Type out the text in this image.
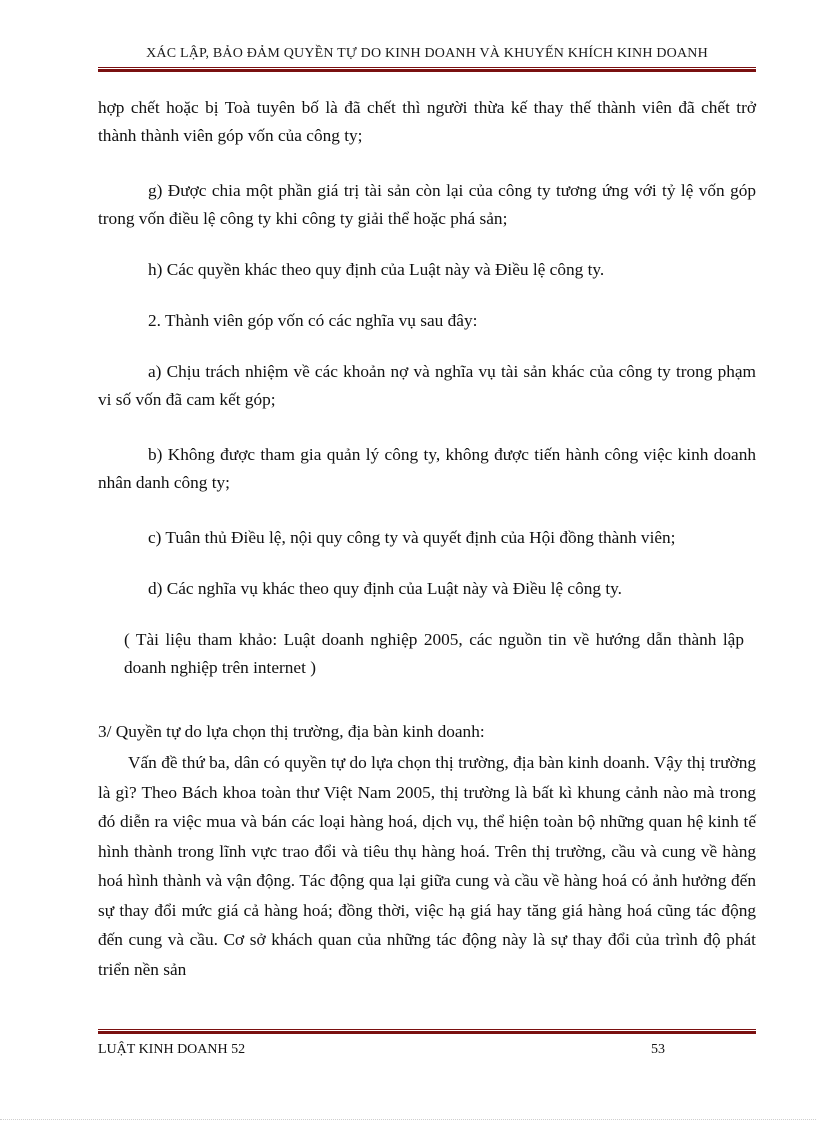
XÁC LẬP, BẢO ĐẢM QUYỀN TỰ DO KINH DOANH VÀ KHUYẾN KHÍCH KINH DOANH

hợp chết hoặc bị Toà tuyên bố là đã chết thì người thừa kế thay thế thành viên đã chết trở thành thành viên góp vốn của công ty;

g) Được chia một phần giá trị tài sản còn lại của công ty tương ứng với tỷ lệ vốn góp trong vốn điều lệ công ty khi công ty giải thể hoặc phá sản;

h) Các quyền khác theo quy định của Luật này và Điều lệ công ty.

2. Thành viên góp vốn có các nghĩa vụ sau đây:

a) Chịu trách nhiệm về các khoản nợ và nghĩa vụ tài sản khác của công ty trong phạm vi số vốn đã cam kết góp;

b) Không được tham gia quản lý công ty, không được tiến hành công việc kinh doanh nhân danh công ty;

c) Tuân thủ Điều lệ, nội quy công ty và quyết định của Hội đồng thành viên;

d) Các nghĩa vụ khác theo quy định của Luật này và Điều lệ công ty.

( Tài liệu tham khảo: Luật doanh nghiệp 2005, các nguồn tin về hướng dẫn thành lập doanh nghiệp trên internet )

3/ Quyền tự do lựa chọn thị trường, địa bàn kinh doanh:

Vấn đề thứ ba, dân có quyền tự do lựa chọn thị trường, địa bàn kinh doanh. Vậy thị trường là gì? Theo Bách khoa toàn thư Việt Nam 2005, thị trường là bất kì khung cảnh nào mà trong đó diễn ra việc mua và bán các loại hàng hoá, dịch vụ, thể hiện toàn bộ những quan hệ kinh tế hình thành trong lĩnh vực trao đổi và tiêu thụ hàng hoá. Trên thị trường, cầu và cung về hàng hoá hình thành và vận động. Tác động qua lại giữa cung và cầu về hàng hoá có ảnh hưởng đến sự thay đổi mức giá cả hàng hoá; đồng thời, việc hạ giá hay tăng giá hàng hoá cũng tác động đến cung và cầu. Cơ sở khách quan của những tác động này là sự thay đổi của trình độ phát triển nền sản

LUẬT KINH DOANH 52	53
